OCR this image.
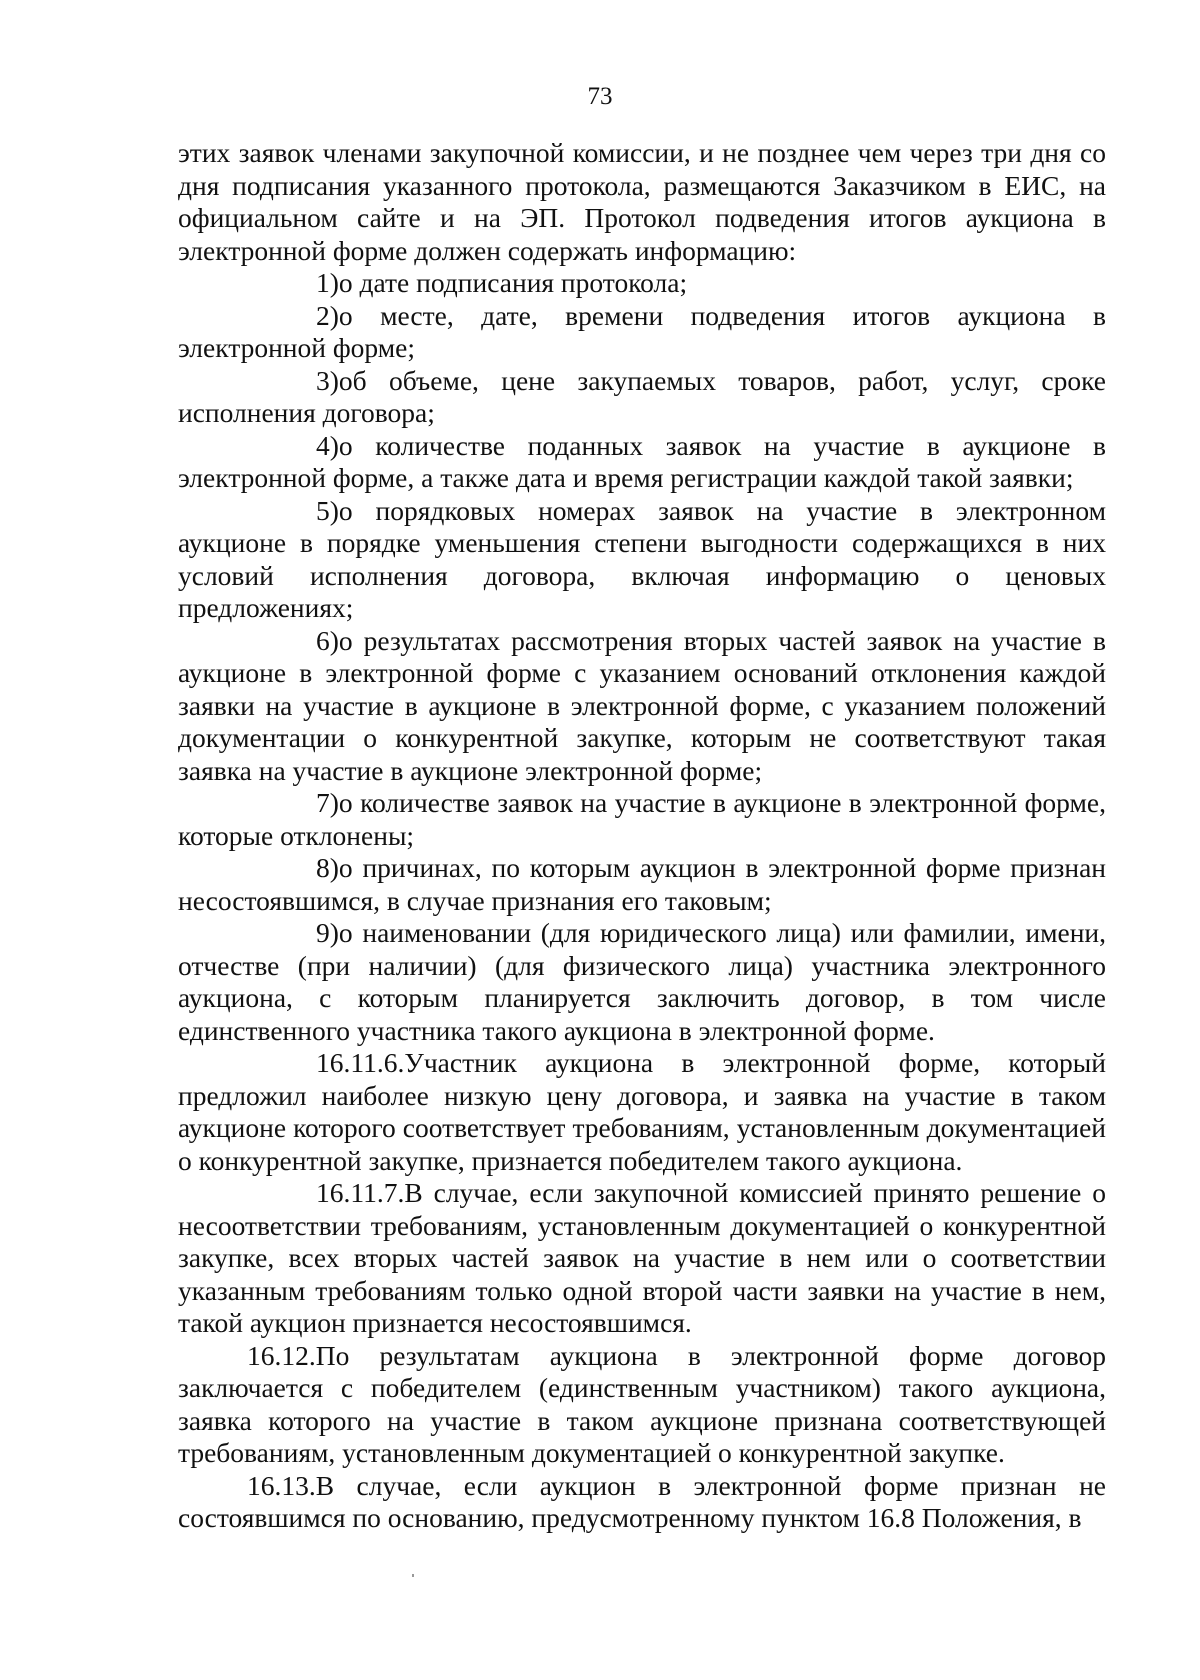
73

этих заявок членами закупочной комиссии, и не позднее чем через три дня со дня подписания указанного протокола, размещаются Заказчиком в ЕИС, на официальном сайте и на ЭП. Протокол подведения итогов аукциона в электронной форме должен содержать информацию:

1)о дате подписания протокола;

2)о месте, дате, времени подведения итогов аукциона в электронной форме;

3)об объеме, цене закупаемых товаров, работ, услуг, сроке исполнения договора;

4)о количестве поданных заявок на участие в аукционе в электронной форме, а также дата и время регистрации каждой такой заявки;

5)о порядковых номерах заявок на участие в электронном аукционе в порядке уменьшения степени выгодности содержащихся в них условий исполнения договора, включая информацию о ценовых предложениях;

6)о результатах рассмотрения вторых частей заявок на участие в аукционе в электронной форме с указанием оснований отклонения каждой заявки на участие в аукционе в электронной форме, с указанием положений документации о конкурентной закупке, которым не соответствуют такая заявка на участие в аукционе электронной форме;

7)о количестве заявок на участие в аукционе в электронной форме, которые отклонены;

8)о причинах, по которым аукцион в электронной форме признан несостоявшимся, в случае признания его таковым;

9)о наименовании (для юридического лица) или фамилии, имени, отчестве (при наличии) (для физического лица) участника электронного аукциона, с которым планируется заключить договор, в том числе единственного участника такого аукциона в электронной форме.

16.11.6.Участник аукциона в электронной форме, который предложил наиболее низкую цену договора, и заявка на участие в таком аукционе которого соответствует требованиям, установленным документацией о конкурентной закупке, признается победителем такого аукциона.

16.11.7.В случае, если закупочной комиссией принято решение о несоответствии требованиям, установленным документацией о конкурентной закупке, всех вторых частей заявок на участие в нем или о соответствии указанным требованиям только одной второй части заявки на участие в нем, такой аукцион признается несостоявшимся.

16.12.По результатам аукциона в электронной форме договор заключается с победителем (единственным участником) такого аукциона, заявка которого на участие в таком аукционе признана соответствующей требованиям, установленным документацией о конкурентной закупке.

16.13.В случае, если аукцион в электронной форме признан не состоявшимся по основанию, предусмотренному пунктом 16.8 Положения, в
